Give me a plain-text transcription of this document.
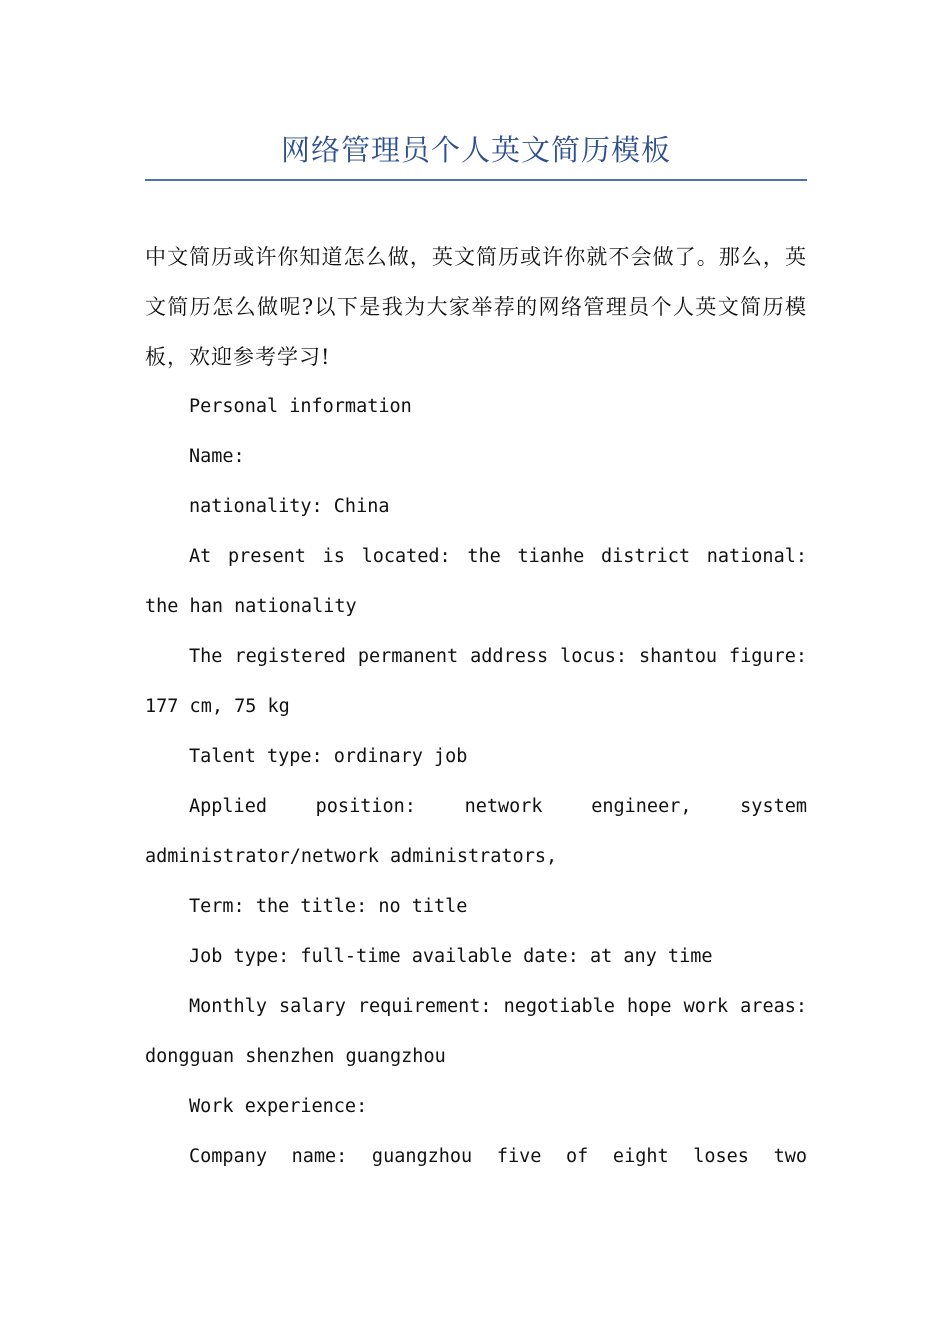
网络管理员个人英文简历模板

中文简历或许你知道怎么做，英文简历或许你就不会做了。那么，英文简历怎么做呢?以下是我为大家举荐的网络管理员个人英文简历模板，欢迎参考学习!

Personal information

Name:

nationality: China

At present is located: the tianhe district national: the han nationality

The registered permanent address locus: shantou figure: 177 cm, 75 kg

Talent type: ordinary job

Applied position: network engineer, system administrator/network administrators,

Term: the title: no title

Job type: full-time available date: at any time

Monthly salary requirement: negotiable hope work areas: dongguan shenzhen guangzhou

Work experience:

Company name: guangzhou five of eight loses two
